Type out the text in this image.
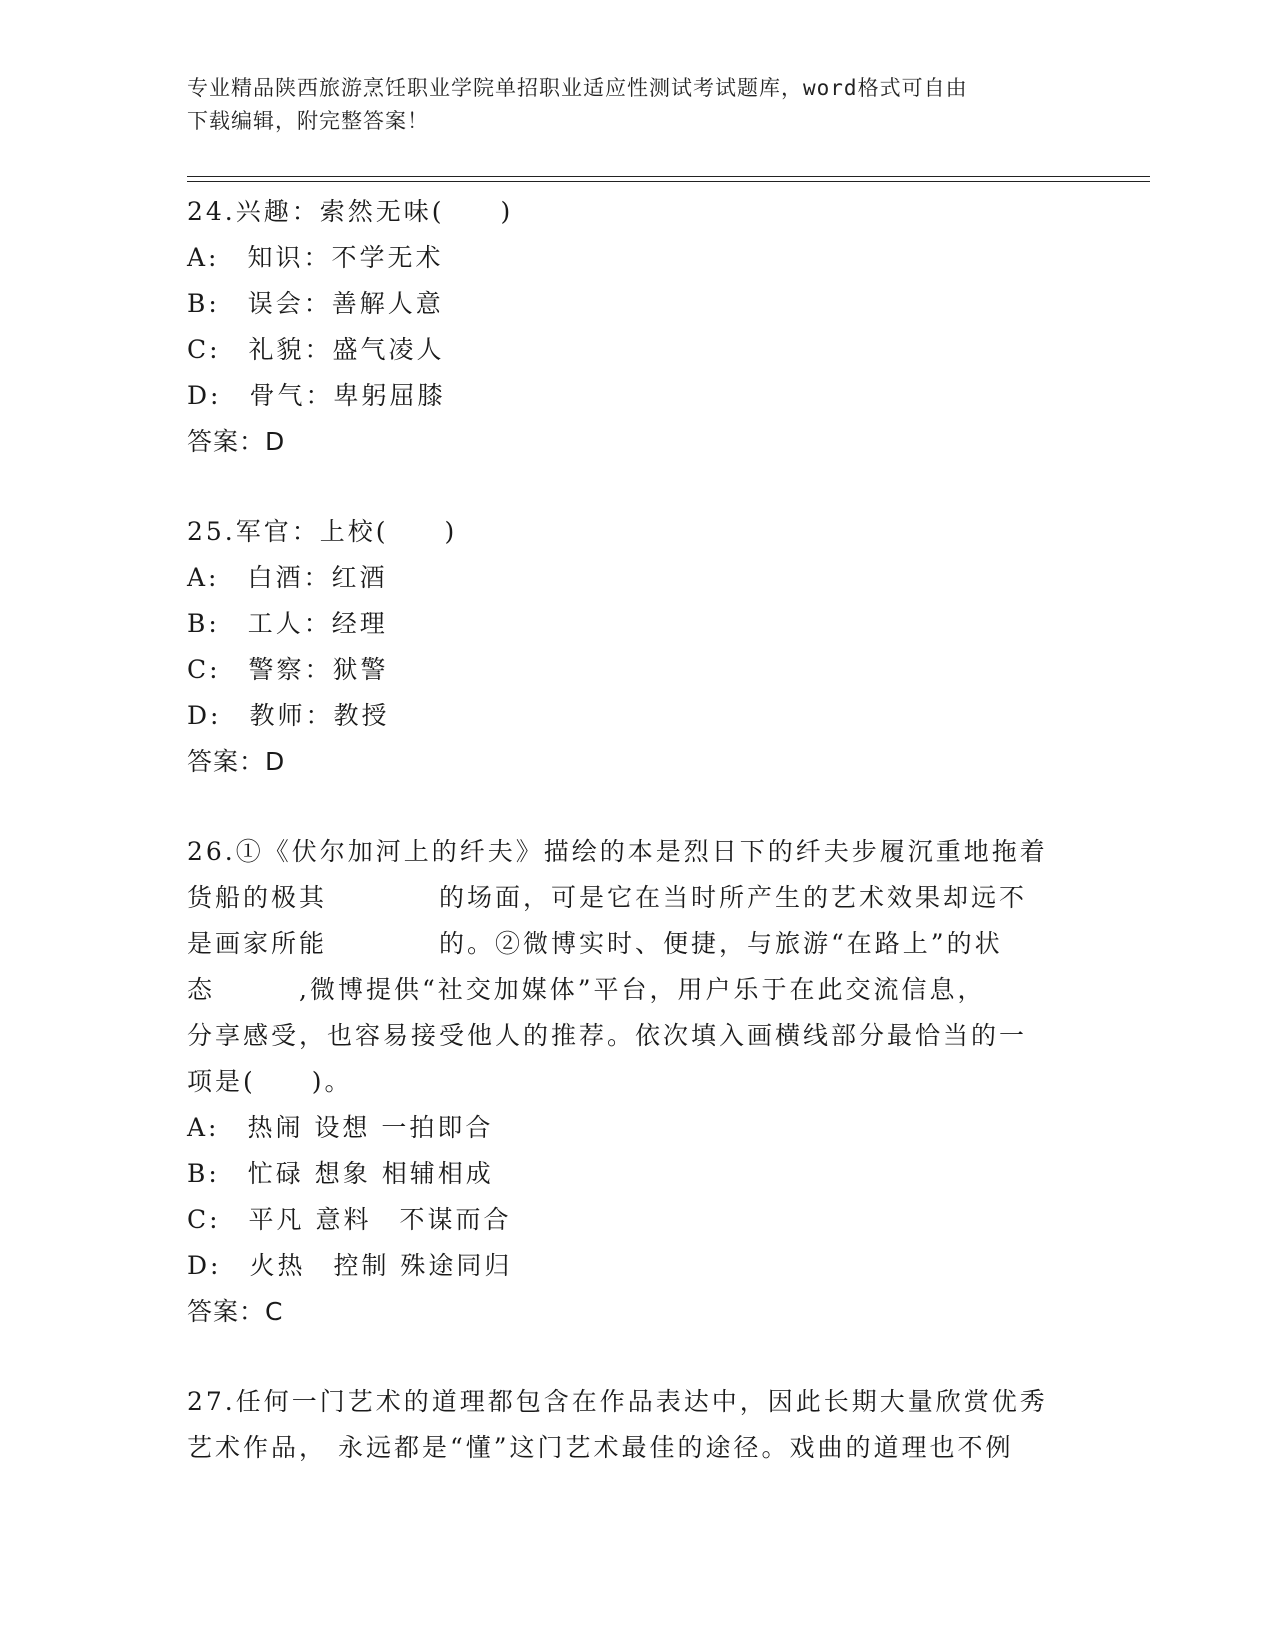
专业精品陕西旅游烹饪职业学院单招职业适应性测试考试题库，word格式可自由
下载编辑，附完整答案！
24.兴趣：索然无味(　　)
A:　知识：不学无术
B:　误会：善解人意
C:　礼貌：盛气凌人
D:　骨气：卑躬屈膝
答案：D
25.军官：上校(　　)
A:　白酒：红酒
B:　工人：经理
C:　警察：狱警
D:　教师：教授
答案：D
26.①《伏尔加河上的纤夫》描绘的本是烈日下的纤夫步履沉重地拖着
货船的极其　　　　的场面，可是它在当时所产生的艺术效果却远不
是画家所能　　　　的。②微博实时、便捷，与旅游“在路上”的状
态　　　,微博提供“社交加媒体”平台，用户乐于在此交流信息，
分享感受，也容易接受他人的推荐。依次填入画横线部分最恰当的一
项是(　　)。
A:　热闹 设想 一拍即合
B:　忙碌 想象 相辅相成
C:　平凡 意料　不谋而合
D:　火热　控制 殊途同归
答案：C
27.任何一门艺术的道理都包含在作品表达中，因此长期大量欣赏优秀
艺术作品， 永远都是“懂”这门艺术最佳的途径。戏曲的道理也不例
